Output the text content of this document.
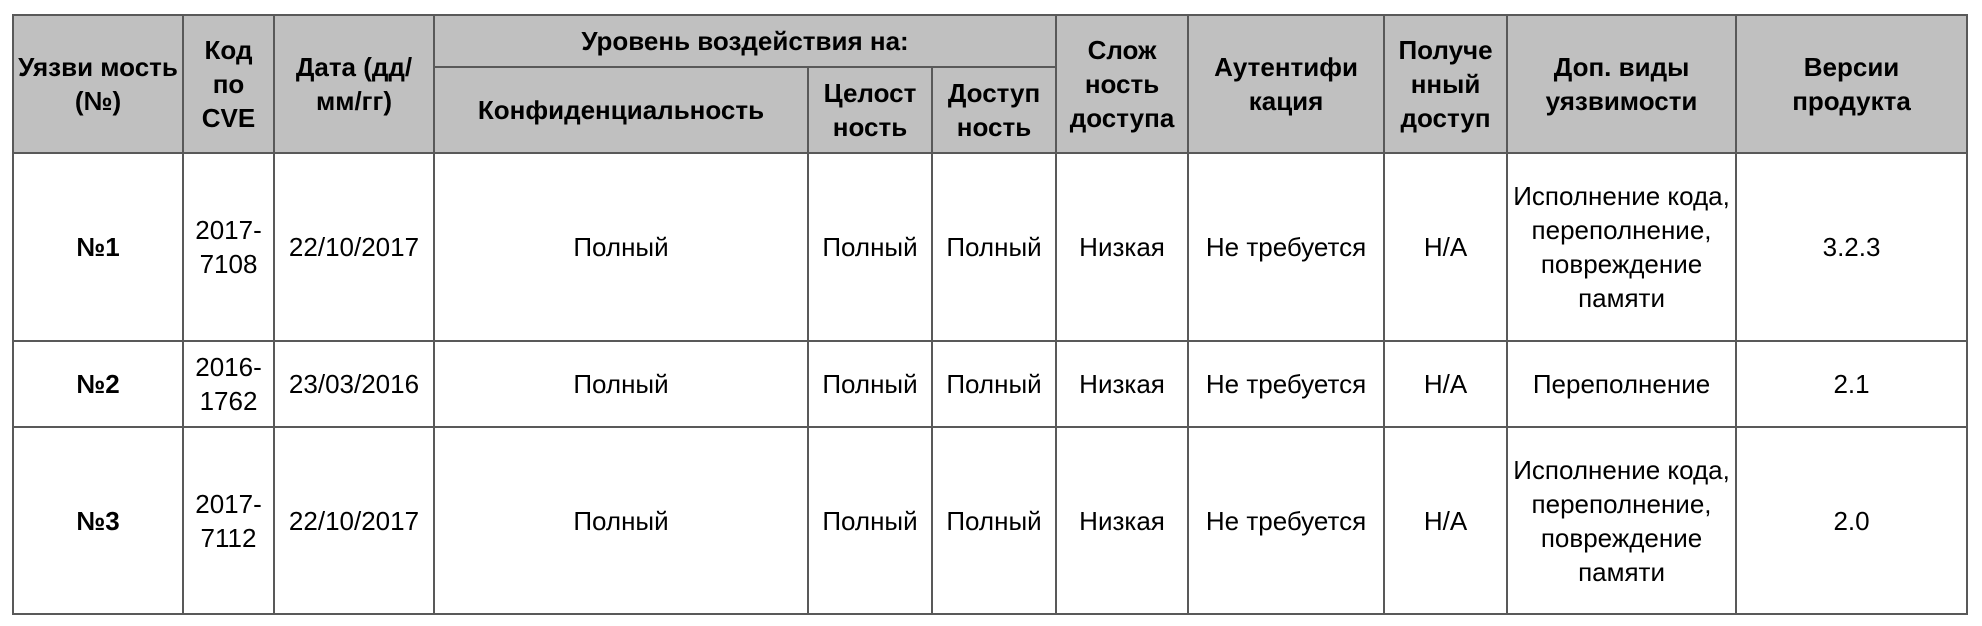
Уязви мость (№)	Код по CVE	Дата (дд/ мм/гг)	Уровень воздействия на:			Слож ность доступа	Аутентифи кация	Получе нный доступ	Доп. виды уязвимости	Версии продукта
			Конфиденциальность	Целост ность	Доступ ность					
№1	2017- 7108	22/10/2017	Полный	Полный	Полный	Низкая	Не требуется	Н/А	Исполнение кода, переполнение, повреждение памяти	3.2.3
№2	2016- 1762	23/03/2016	Полный	Полный	Полный	Низкая	Не требуется	Н/А	Переполнение	2.1
№3	2017- 7112	22/10/2017	Полный	Полный	Полный	Низкая	Не требуется	Н/А	Исполнение кода, переполнение, повреждение памяти	2.0
